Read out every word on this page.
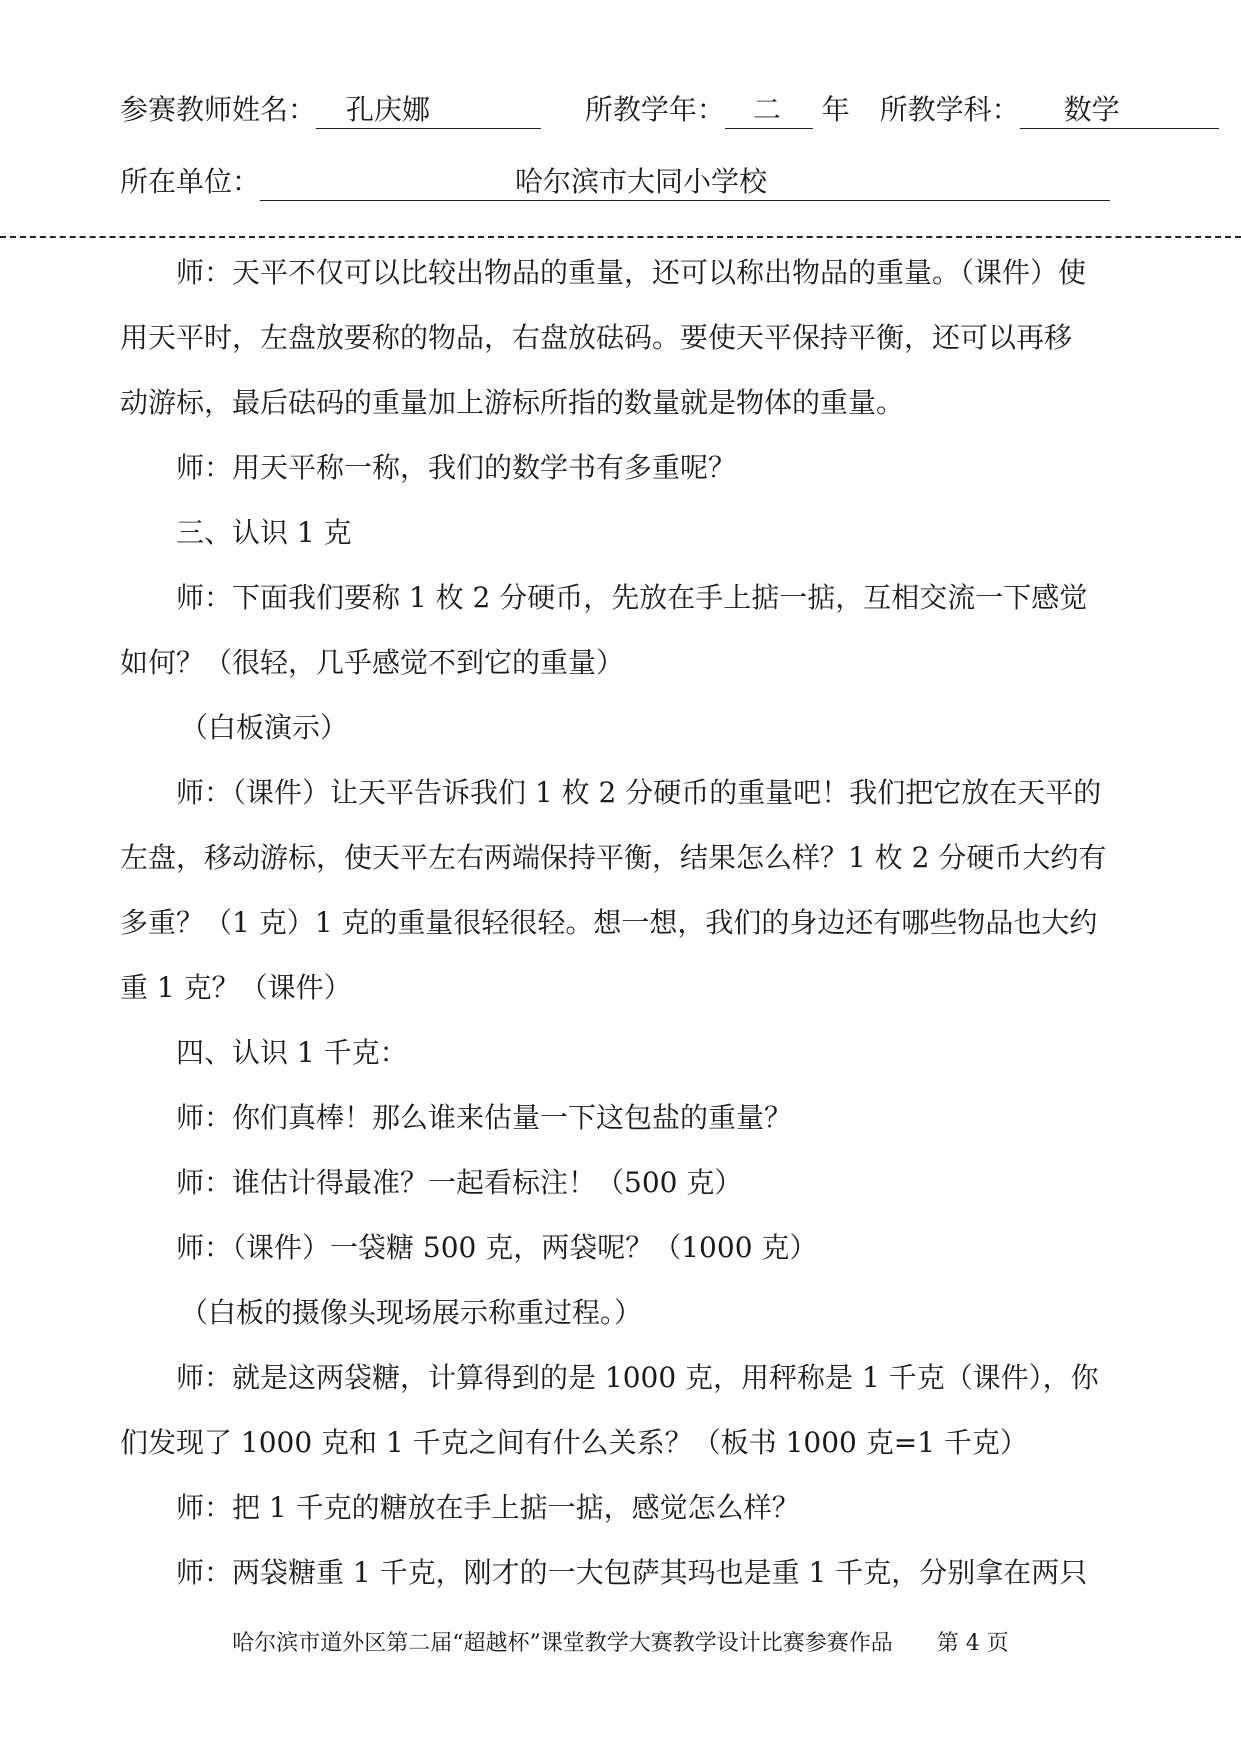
参赛教师姓名： 孔庆娜	所教学年： 二 年 所教学科： 数学
所在单位：	哈尔滨市大同小学校
师：天平不仅可以比较出物品的重量，还可以称出物品的重量。（课件）使
用天平时，左盘放要称的物品，右盘放砝码。要使天平保持平衡，还可以再移
动游标，最后砝码的重量加上游标所指的数量就是物体的重量。
师：用天平称一称，我们的数学书有多重呢？
三、认识 1 克
师：下面我们要称 1 枚 2 分硬币，先放在手上掂一掂，互相交流一下感觉
如何？（很轻，几乎感觉不到它的重量）
（白板演示）
师：（课件）让天平告诉我们 1 枚 2 分硬币的重量吧！我们把它放在天平的
左盘，移动游标，使天平左右两端保持平衡，结果怎么样？1 枚 2 分硬币大约有
多重？（1 克）1 克的重量很轻很轻。想一想，我们的身边还有哪些物品也大约
重 1 克？（课件）
四、认识 1 千克：
师：你们真棒！那么谁来估量一下这包盐的重量？
师：谁估计得最准？一起看标注！（500 克）
师：（课件）一袋糖 500 克，两袋呢？（1000 克）
（白板的摄像头现场展示称重过程。）
师：就是这两袋糖，计算得到的是 1000 克，用秤称是 1 千克（课件），你
们发现了 1000 克和 1 千克之间有什么关系？（板书 1000 克=1 千克）
师：把 1 千克的糖放在手上掂一掂，感觉怎么样？
师：两袋糖重 1 千克，刚才的一大包萨其玛也是重 1 千克，分别拿在两只
哈尔滨市道外区第二届“超越杯”课堂教学大赛教学设计比赛参赛作品 第 4 页
